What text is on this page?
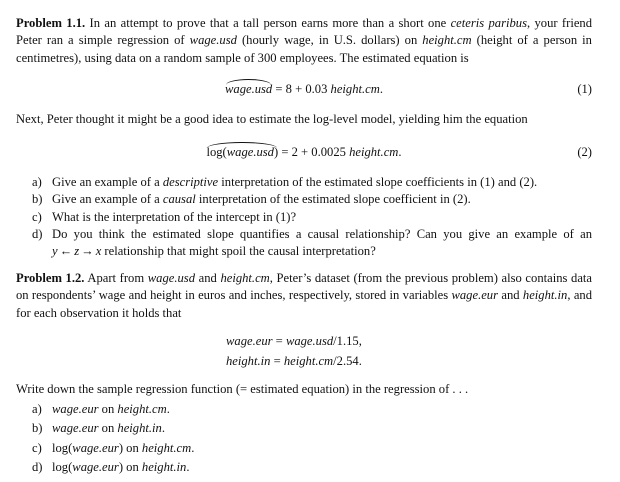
Problem 1.1. In an attempt to prove that a tall person earns more than a short one ceteris paribus, your friend Peter ran a simple regression of wage.usd (hourly wage, in U.S. dollars) on height.cm (height of a person in centimetres), using data on a random sample of 300 employees. The estimated equation is
wage.usd = 8 + 0.03 height.cm.	(1)
Next, Peter thought it might be a good idea to estimate the log-level model, yielding him the equation
log(wage.usd) = 2 + 0.0025 height.cm.	(2)
a) Give an example of a descriptive interpretation of the estimated slope coefficients in (1) and (2).
b) Give an example of a causal interpretation of the estimated slope coefficient in (2).
c) What is the interpretation of the intercept in (1)?
d) Do you think the estimated slope quantifies a causal relationship? Can you give an example of an y ← z → x relationship that might spoil the causal interpretation?
Problem 1.2. Apart from wage.usd and height.cm, Peter’s dataset (from the previous problem) also contains data on respondents’ wage and height in euros and inches, respectively, stored in variables wage.eur and height.in, and for each observation it holds that
wage.eur = wage.usd/1.15,
height.in = height.cm/2.54.
Write down the sample regression function (= estimated equation) in the regression of . . .
a) wage.eur on height.cm.
b) wage.eur on height.in.
c) log(wage.eur) on height.cm.
d) log(wage.eur) on height.in.
